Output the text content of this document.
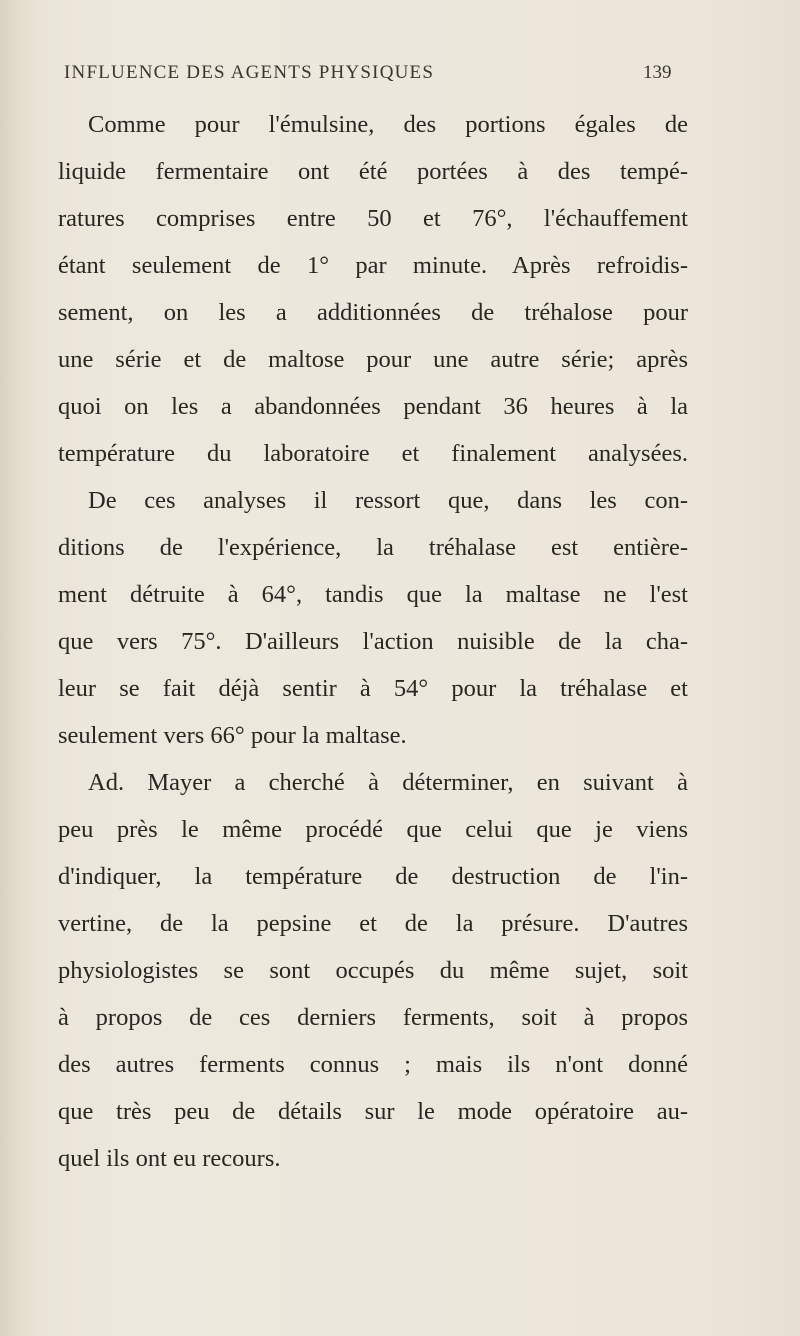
INFLUENCE DES AGENTS PHYSIQUES	139
Comme pour l'émulsine, des portions égales de
liquide fermentaire ont été portées à des tempé-
ratures comprises entre 50 et 76°, l'échauffement
étant seulement de 1° par minute. Après refroidis-
sement, on les a additionnées de tréhalose pour
une série et de maltose pour une autre série; après
quoi on les a abandonnées pendant 36 heures à la
température du laboratoire et finalement analysées.
De ces analyses il ressort que, dans les con-
ditions de l'expérience, la tréhalase est entière-
ment détruite à 64°, tandis que la maltase ne l'est
que vers 75°. D'ailleurs l'action nuisible de la cha-
leur se fait déjà sentir à 54° pour la tréhalase et
seulement vers 66° pour la maltase.
Ad. Mayer a cherché à déterminer, en suivant à
peu près le même procédé que celui que je viens
d'indiquer, la température de destruction de l'in-
vertine, de la pepsine et de la présure. D'autres
physiologistes se sont occupés du même sujet, soit
à propos de ces derniers ferments, soit à propos
des autres ferments connus ; mais ils n'ont donné
que très peu de détails sur le mode opératoire au-
quel ils ont eu recours.
